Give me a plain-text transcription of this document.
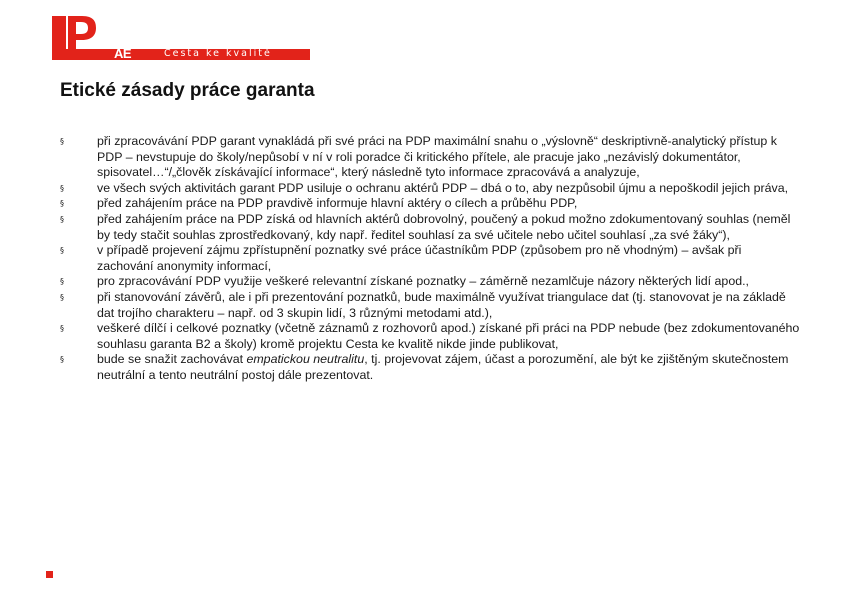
AE	Cesta ke kvalitě
Etické zásady práce garanta
§	při zpracovávání PDP garant vynakládá při své práci na PDP maximální snahu o „výslovně“ deskriptivně-analytický přístup k PDP – nevstupuje do školy/nepůsobí v ní v roli poradce či kritického přítele, ale pracuje jako „nezávislý dokumentátor, spisovatel…“/„člověk získávající informace“, který následně tyto informace zpracovává a analyzuje,
§	ve všech svých aktivitách garant PDP usiluje o ochranu aktérů PDP – dbá o to, aby nezpůsobil újmu a nepoškodil jejich práva,
§	před zahájením práce na PDP pravdivě informuje hlavní aktéry o cílech a průběhu PDP,
§	před zahájením práce na PDP získá od hlavních aktérů dobrovolný, poučený a pokud možno zdokumentovaný souhlas (neměl by tedy stačit souhlas zprostředkovaný, kdy např. ředitel souhlasí za své učitele nebo učitel souhlasí „za své žáky“),
§	v případě projevení zájmu zpřístupnění poznatky své práce účastníkům PDP (způsobem pro ně vhodným) – avšak při zachování anonymity informací,
§	pro zpracovávání PDP využije veškeré relevantní získané poznatky – záměrně nezamlčuje názory některých lidí apod.,
§	při stanovování závěrů, ale i při prezentování poznatků, bude maximálně využívat triangulace dat (tj. stanovovat je na základě dat trojího charakteru – např. od 3 skupin lidí, 3 různými metodami atd.),
§	veškeré dílčí i celkové poznatky (včetně záznamů z rozhovorů apod.) získané při práci na PDP nebude (bez zdokumentovaného souhlasu garanta B2 a školy) kromě projektu Cesta ke kvalitě nikde jinde publikovat,
§	bude se snažit zachovávat empatickou neutralitu, tj. projevovat zájem, účast a porozumění, ale být ke zjištěným skutečnostem neutrální a tento neutrální postoj dále prezentovat.
